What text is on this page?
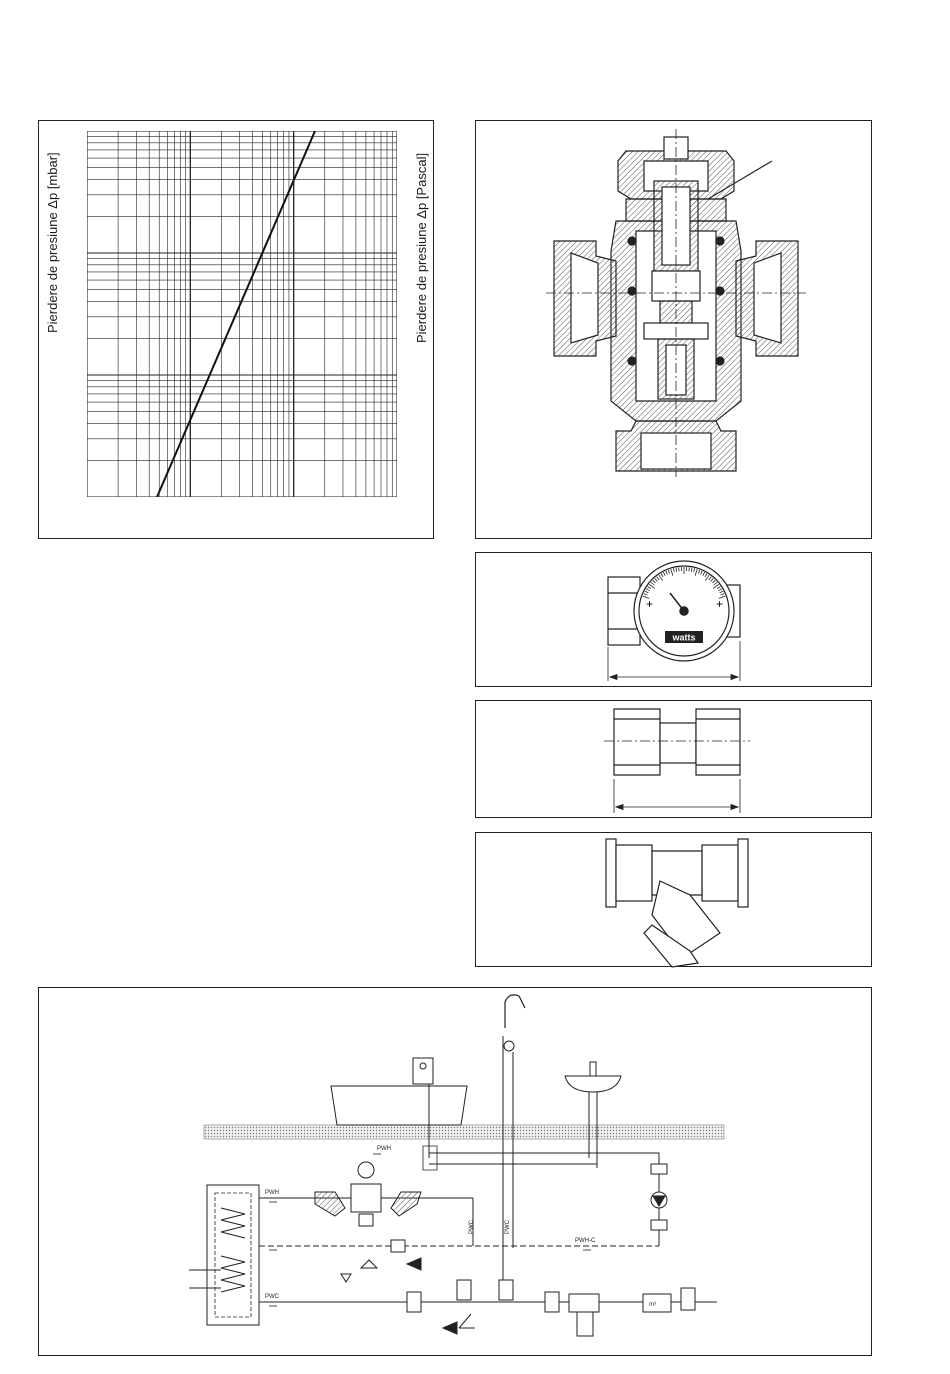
Pierdere de presiune Δp [mbar]	Pierdere de presiune Δp [Pascal]
+	+
watts
PWH
PWH
PWC
PWH-C
m³
PWC	PWC
